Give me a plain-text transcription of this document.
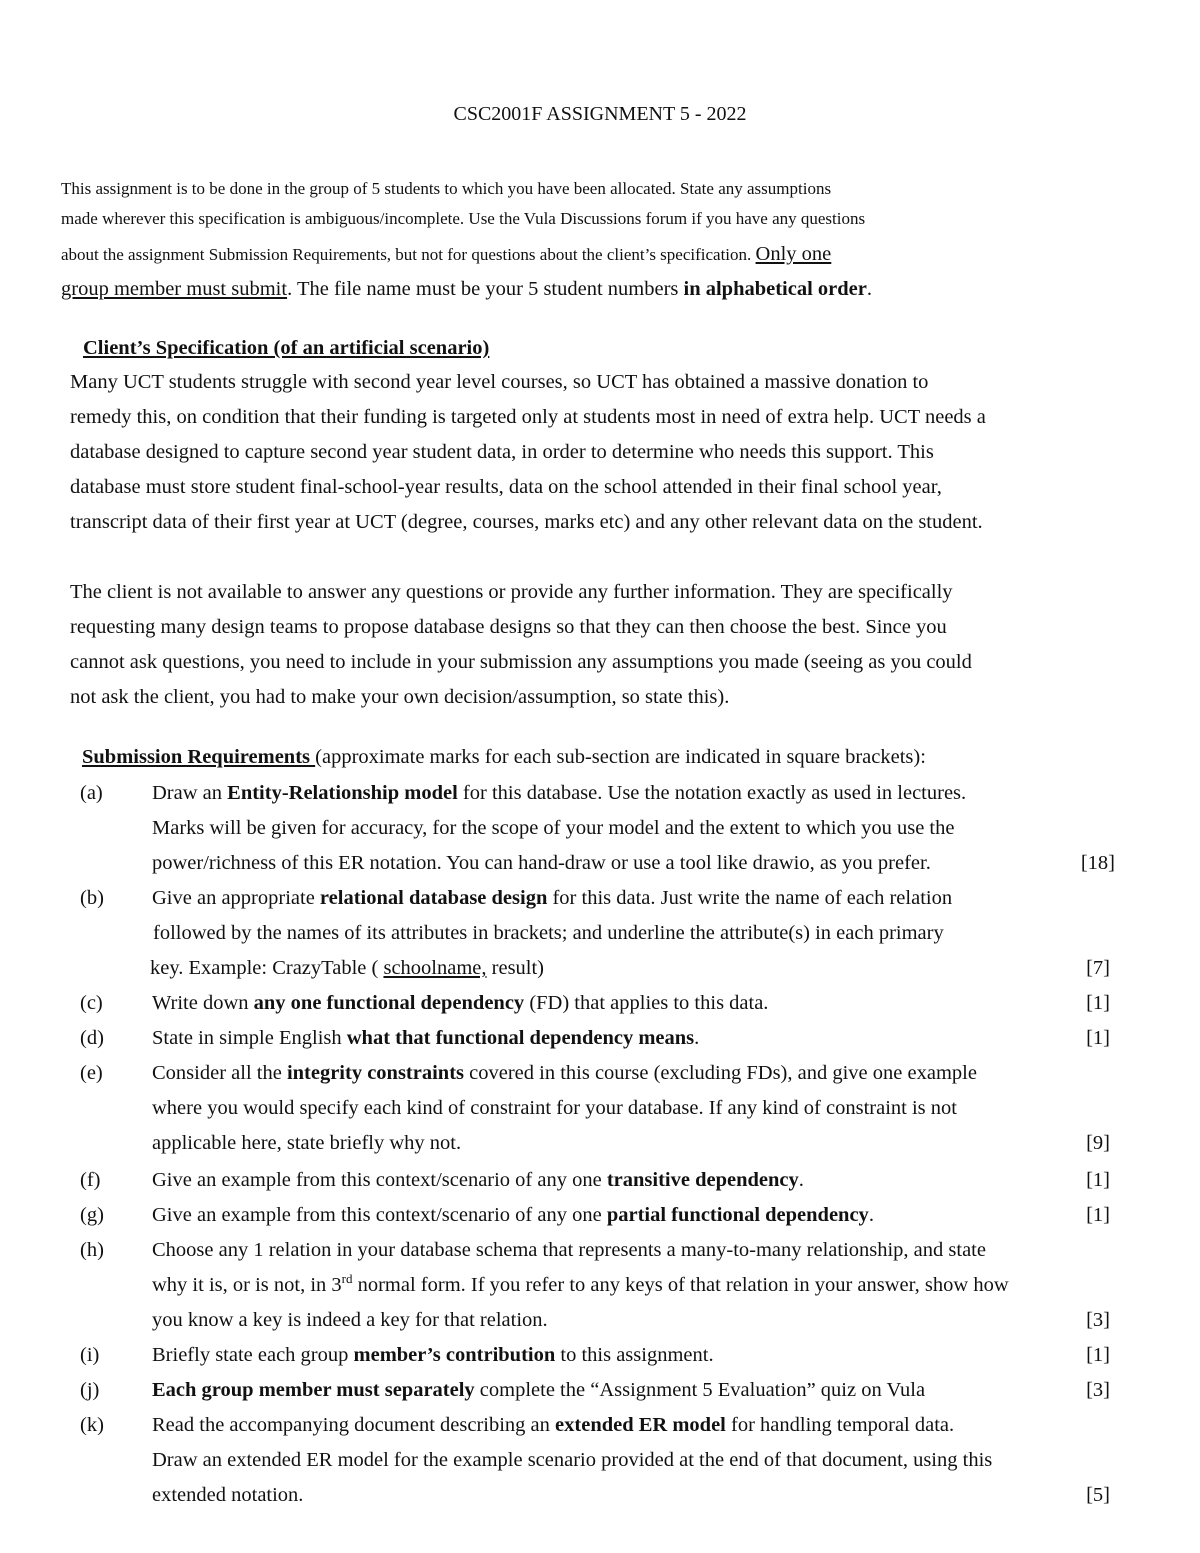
CSC2001F ASSIGNMENT 5 - 2022
This assignment is to be done in the group of 5 students to which you have been allocated. State any assumptions
made wherever this specification is ambiguous/incomplete. Use the Vula Discussions forum if you have any questions
about the assignment Submission Requirements, but not for questions about the client’s specification. Only one
group member must submit. The file name must be your 5 student numbers in alphabetical order.
Client’s Specification (of an artificial scenario)
Many UCT students struggle with second year level courses, so UCT has obtained a massive donation to
remedy this, on condition that their funding is targeted only at students most in need of extra help. UCT needs a
database designed to capture second year student data, in order to determine who needs this support. This
database must store student final-school-year results, data on the school attended in their final school year,
transcript data of their first year at UCT (degree, courses, marks etc) and any other relevant data on the student.
The client is not available to answer any questions or provide any further information. They are specifically
requesting many design teams to propose database designs so that they can then choose the best. Since you
cannot ask questions, you need to include in your submission any assumptions you made (seeing as you could
not ask the client, you had to make your own decision/assumption, so state this).
Submission Requirements (approximate marks for each sub-section are indicated in square brackets):
(a) Draw an Entity-Relationship model for this database. Use the notation exactly as used in lectures.
Marks will be given for accuracy, for the scope of your model and the extent to which you use the
power/richness of this ER notation. You can hand-draw or use a tool like drawio, as you prefer.	[18]
(b) Give an appropriate relational database design for this data. Just write the name of each relation
followed by the names of its attributes in brackets; and underline the attribute(s) in each primary
key. Example: CrazyTable ( schoolname, result)	[7]
(c) Write down any one functional dependency (FD) that applies to this data.	[1]
(d) State in simple English what that functional dependency means.	[1]
(e) Consider all the integrity constraints covered in this course (excluding FDs), and give one example
where you would specify each kind of constraint for your database. If any kind of constraint is not
applicable here, state briefly why not.	[9]
(f)	Give an example from this context/scenario of any one transitive dependency.	[1]
(g) Give an example from this context/scenario of any one partial functional dependency.	[1]
(h) Choose any 1 relation in your database schema that represents a many-to-many relationship, and state
why it is, or is not, in 3rd normal form. If you refer to any keys of that relation in your answer, show how
you know a key is indeed a key for that relation.	[3]
(i)	Briefly state each group member’s contribution to this assignment.	[1]
(j)	Each group member must separately complete the “Assignment 5 Evaluation” quiz on Vula	[3]
(k) Read the accompanying document describing an extended ER model for handling temporal data.
Draw an extended ER model for the example scenario provided at the end of that document, using this
extended notation.	[5]
